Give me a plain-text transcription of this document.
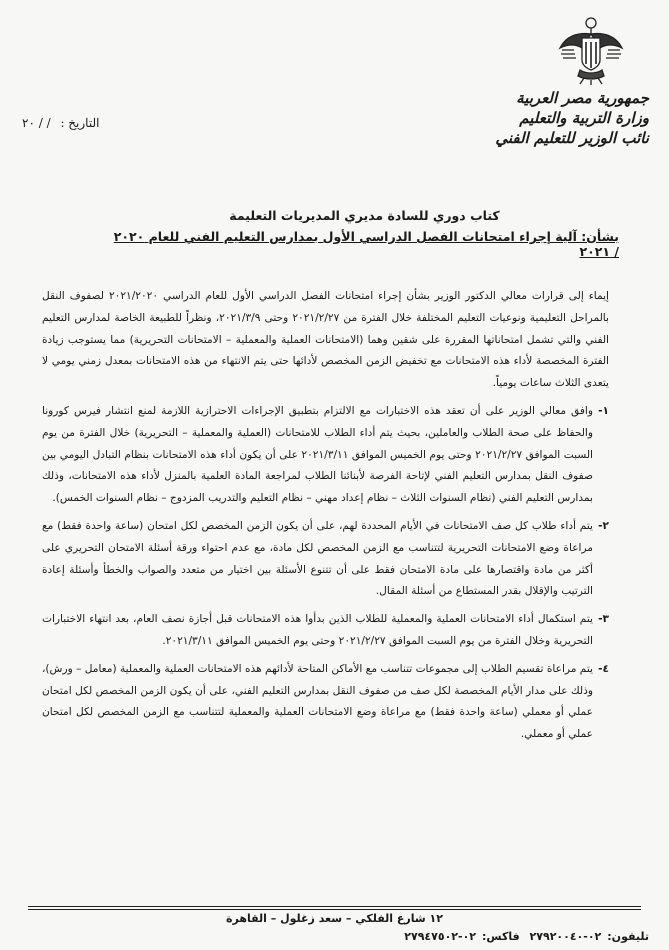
جمهورية مصر العربية
وزارة التربية والتعليم
نائب الوزير للتعليم الفني
التاريخ : / / ٢٠
كتاب دوري للسادة مديري المديريات التعليمة
بشأن: آلية إجراء امتحانات الفصل الدراسي الأول بمدارس التعليم الفني للعام ٢٠٢٠ / ٢٠٢١

إيماء إلى قرارات معالي الدكتور الوزير بشأن إجراء امتحانات الفصل الدراسي الأول للعام الدراسي ٢٠٢١/٢٠٢٠ لصفوف النقل بالمراحل التعليمية ونوعيات التعليم المختلفة خلال الفترة من ٢٠٢١/٢/٢٧ وحتى ٢٠٢١/٣/٩، ونظراً للطبيعة الخاصة لمدارس التعليم الفني والتي تشمل امتحاناتها المقررة على شقين وهما (الامتحانات العملية والمعملية – الامتحانات التحريرية) مما يستوجب زيادة الفترة المخصصة لأداء هذه الامتحانات مع تخفيض الزمن المخصص لأدائها حتى يتم الانتهاء من هذه الامتحانات بمعدل زمني يومي لا يتعدى الثلاث ساعات يومياً.

١-
وافق معالي الوزير على أن تعقد هذه الاختبارات مع الالتزام بتطبيق الإجراءات الاحترازية اللازمة لمنع انتشار فيرس كورونا والحفاظ على صحة الطلاب والعاملين، بحيث يتم أداء الطلاب للامتحانات (العملية والمعملية – التحريرية) خلال الفترة من يوم السبت الموافق ٢٠٢١/٢/٢٧ وحتى يوم الخميس الموافق ٢٠٢١/٣/١١ على أن يكون أداء هذه الامتحانات بنظام التبادل اليومي بين صفوف النقل بمدارس التعليم الفني لإتاحة الفرصة لأبنائنا الطلاب لمراجعة المادة العلمية بالمنزل لأداء هذه الامتحانات، وذلك بمدارس التعليم الفني (نظام السنوات الثلاث – نظام إعداد مهني – نظام التعليم والتدريب المزدوج – نظام السنوات الخمس).
٢-
يتم أداء طلاب كل صف الامتحانات في الأيام المحددة لهم، على أن يكون الزمن المخصص لكل امتحان (ساعة واحدة فقط) مع مراعاة وضع الامتحانات التحريرية لتتناسب مع الزمن المخصص لكل مادة، مع عدم احتواء ورقة أسئلة الامتحان التحريري على أكثر من مادة واقتصارها على مادة الامتحان فقط على أن تتنوع الأسئلة بين اختيار من متعدد والصواب والخطأ وأسئلة إعادة الترتيب والإقلال بقدر المستطاع من أسئلة المقال.
٣-
يتم استكمال أداء الامتحانات العملية والمعملية للطلاب الذين بدأوا هذه الامتحانات قبل أجازة نصف العام، بعد انتهاء الاختبارات التحريرية وخلال الفترة من يوم السبت الموافق ٢٠٢١/٢/٢٧ وحتى يوم الخميس الموافق ٢٠٢١/٣/١١.
٤-
يتم مراعاة تقسيم الطلاب إلى مجموعات تتناسب مع الأماكن المتاحة لأدائهم هذه الامتحانات العملية والمعملية (معامل – ورش)، وذلك على مدار الأيام المخصصة لكل صف من صفوف النقل بمدارس التعليم الفني، على أن يكون الزمن المخصص لكل امتحان عملي أو معملي (ساعة واحدة فقط) مع مراعاة وضع الامتحانات العملية والمعملية لتتناسب مع الزمن المخصص لكل امتحان عملي أو معملي.
١٢ شارع الفلكي – سعد زغلول – القاهرة
تليفون:٠٢-٢٧٩٢٠٠٤٠ فاكس:٠٢-٢٧٩٤٧٥٠٢
